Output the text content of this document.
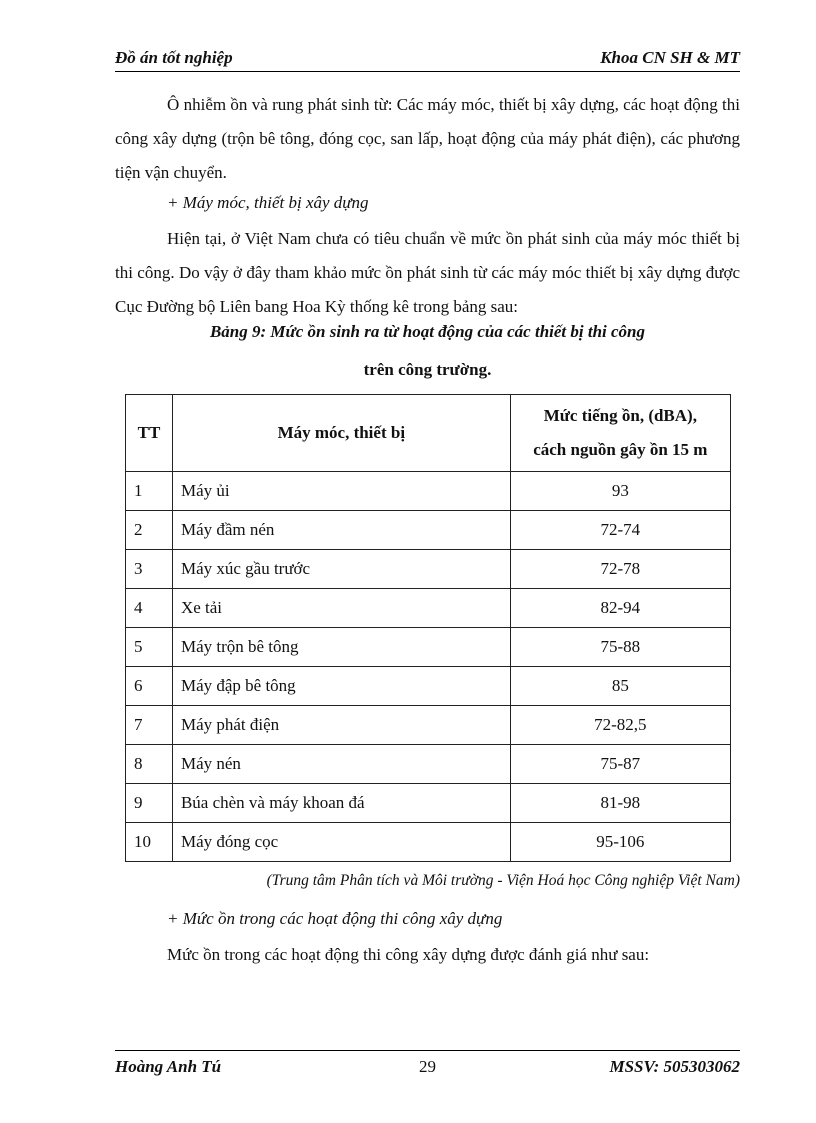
Đồ án tốt nghiệp	Khoa CN SH & MT
Ô nhiễm ồn và rung phát sinh từ: Các máy móc, thiết bị xây dựng, các hoạt động thi công xây dựng (trộn bê tông, đóng cọc, san lấp, hoạt động của máy phát điện), các phương tiện vận chuyển.
+ Máy móc, thiết bị xây dựng
Hiện tại, ở Việt Nam chưa có tiêu chuẩn về mức ồn phát sinh của máy móc thiết bị thi công. Do vậy ở đây tham khảo mức ồn phát sinh từ các máy móc thiết bị xây dựng được Cục Đường bộ Liên bang Hoa Kỳ thống kê trong bảng sau:
Bảng 9: Mức ồn sinh ra từ hoạt động của các thiết bị thi công
trên công trường.
TT	Máy móc, thiết bị	Mức tiếng ồn, (dBA),
cách nguồn gây ồn 15 m

1	Máy ủi	93
2	Máy đầm nén	72-74
3	Máy xúc gầu trước	72-78
4	Xe tải	82-94
5	Máy trộn bê tông	75-88
6	Máy đập bê tông	85
7	Máy phát điện	72-82,5
8	Máy nén	75-87
9	Búa chèn và máy khoan đá	81-98
10	Máy đóng cọc	95-106
(Trung tâm Phân tích và Môi trường - Viện Hoá học Công nghiệp Việt Nam)
+ Mức ồn trong các hoạt động thi công xây dựng
Mức ồn trong các hoạt động thi công xây dựng được đánh giá như sau:
Hoàng Anh Tú	29	MSSV: 505303062
